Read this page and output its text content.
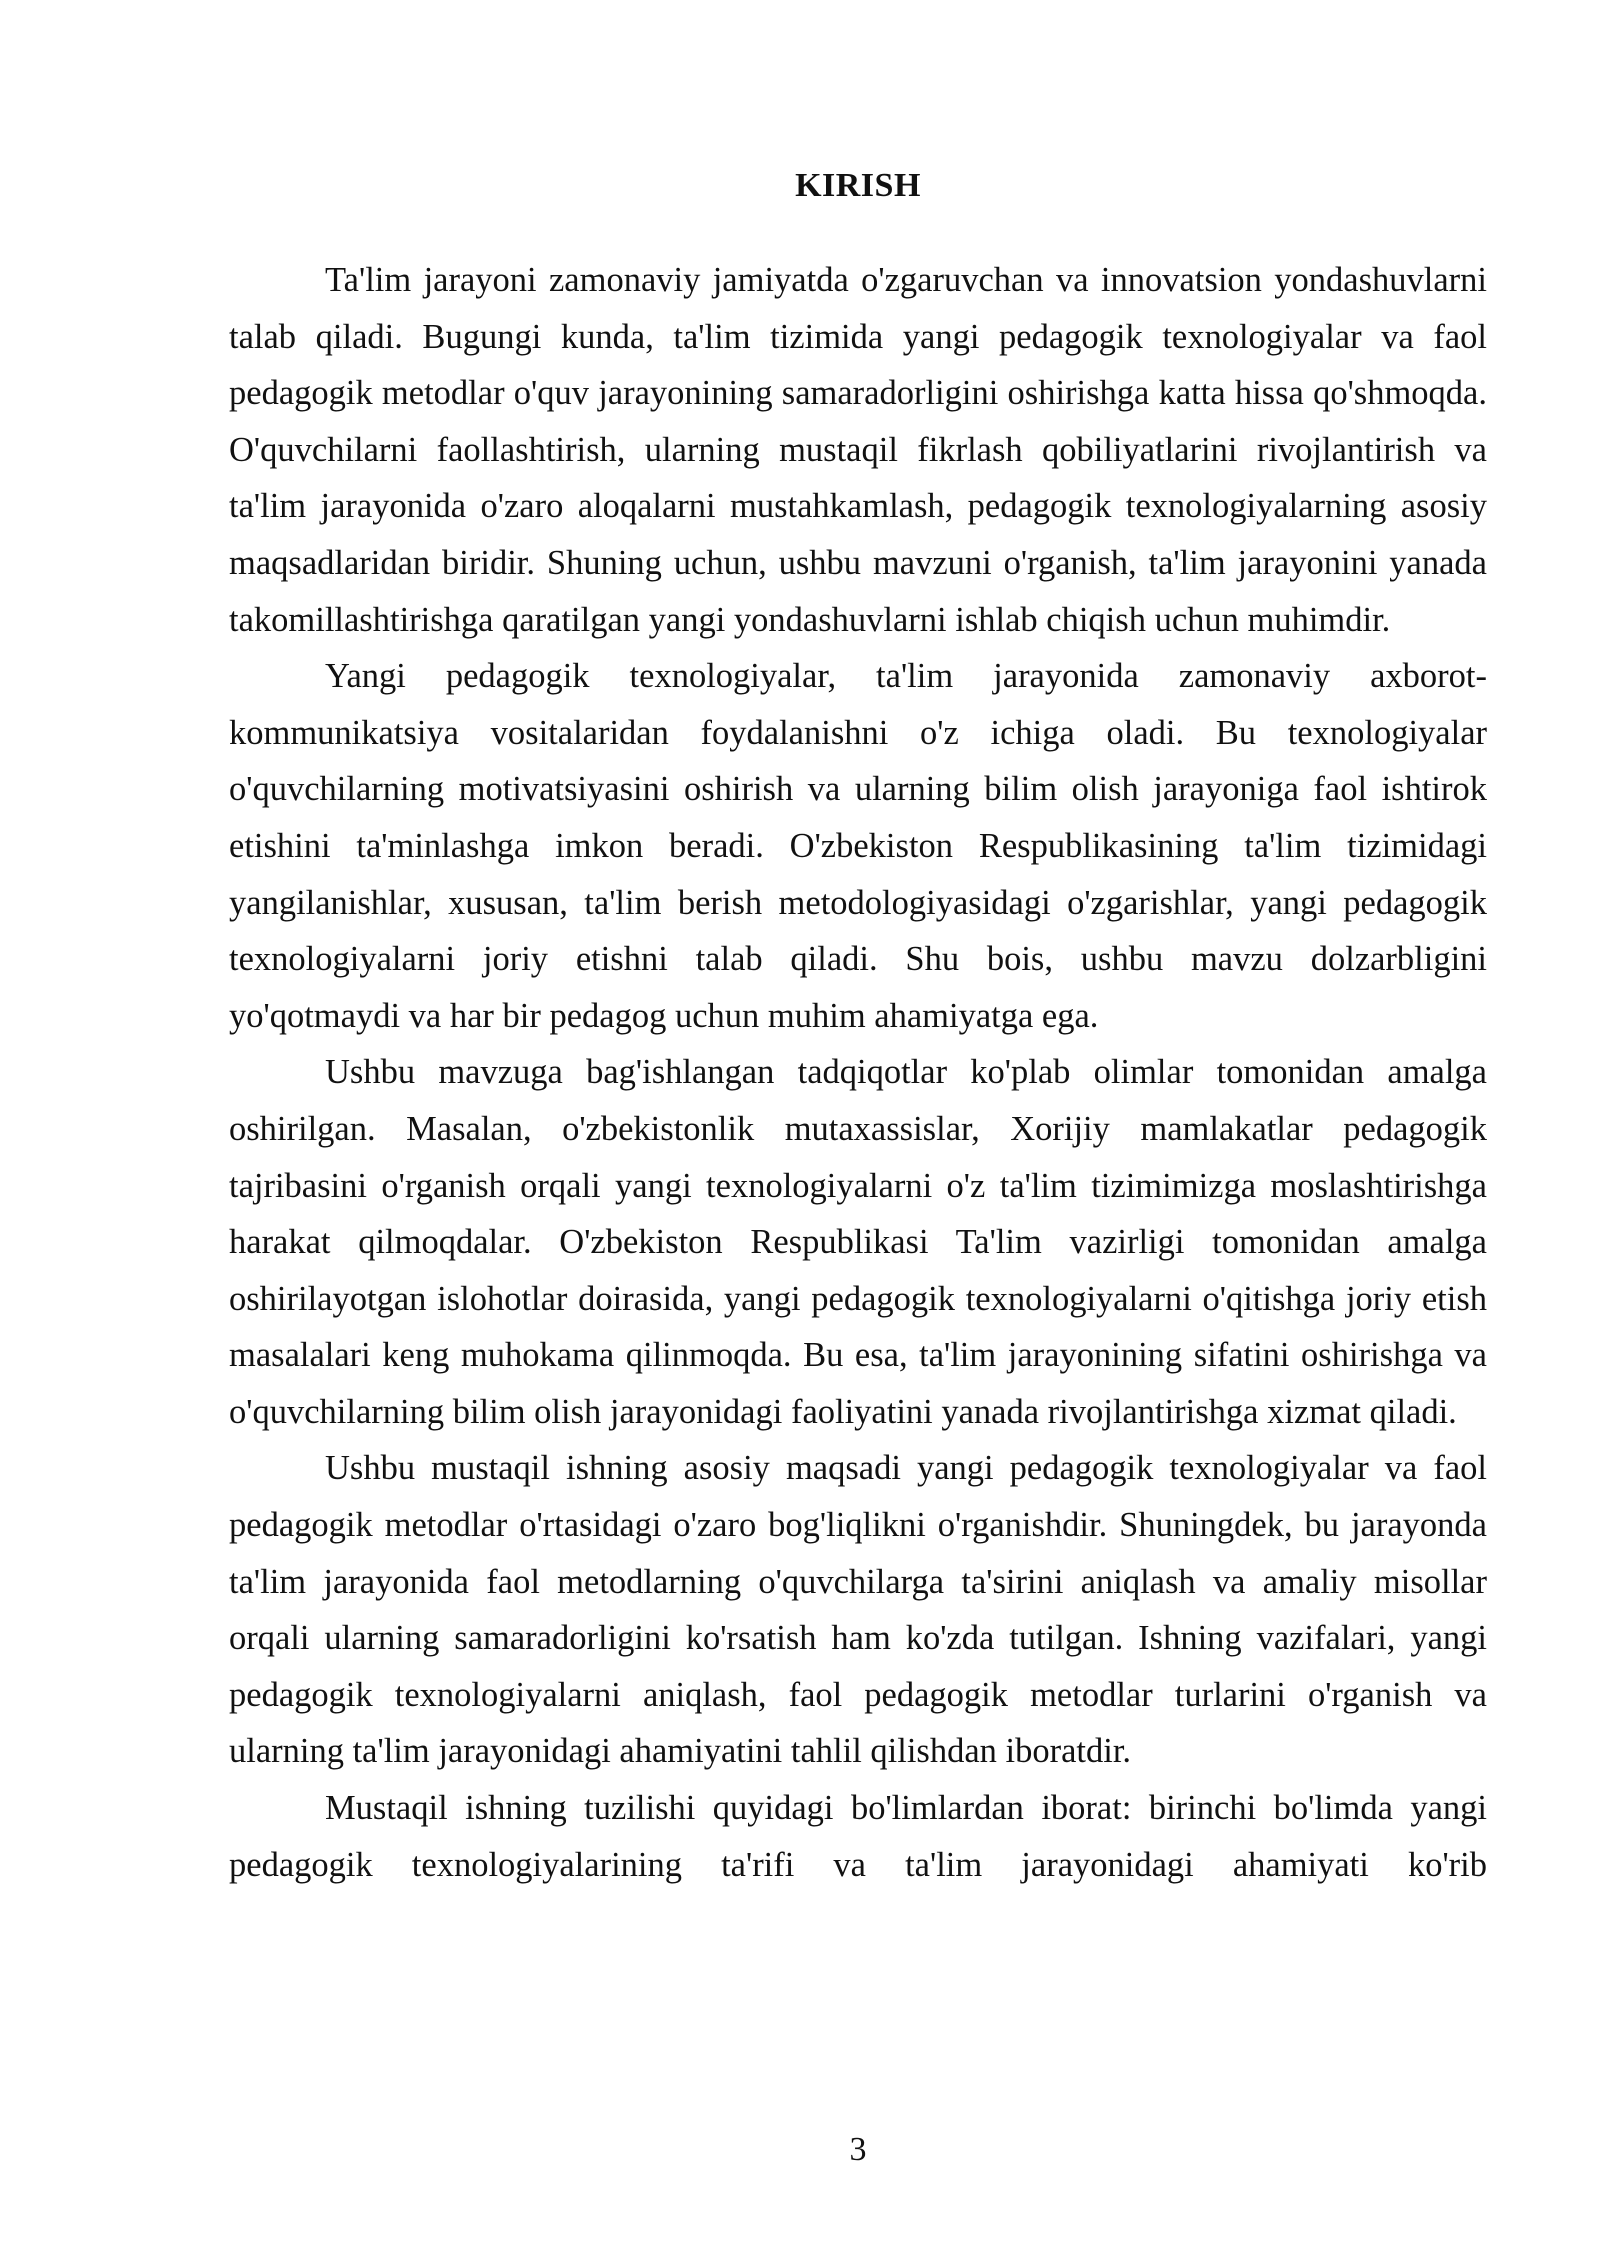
KIRISH

Ta'lim jarayoni zamonaviy jamiyatda o'zgaruvchan va innovatsion yondashuvlarni talab qiladi. Bugungi kunda, ta'lim tizimida yangi pedagogik texnologiyalar va faol pedagogik metodlar o'quv jarayonining samaradorligini oshirishga katta hissa qo'shmoqda. O'quvchilarni faollashtirish, ularning mustaqil fikrlash qobiliyatlarini rivojlantirish va ta'lim jarayonida o'zaro aloqalarni mustahkamlash, pedagogik texnologiyalarning asosiy maqsadlaridan biridir. Shuning uchun, ushbu mavzuni o'rganish, ta'lim jarayonini yanada takomillashtirishga qaratilgan yangi yondashuvlarni ishlab chiqish uchun muhimdir.

Yangi pedagogik texnologiyalar, ta'lim jarayonida zamonaviy axborot-kommunikatsiya vositalaridan foydalanishni o'z ichiga oladi. Bu texnologiyalar o'quvchilarning motivatsiyasini oshirish va ularning bilim olish jarayoniga faol ishtirok etishini ta'minlashga imkon beradi. O'zbekiston Respublikasining ta'lim tizimidagi yangilanishlar, xususan, ta'lim berish metodologiyasidagi o'zgarishlar, yangi pedagogik texnologiyalarni joriy etishni talab qiladi. Shu bois, ushbu mavzu dolzarbligini yo'qotmaydi va har bir pedagog uchun muhim ahamiyatga ega.

Ushbu mavzuga bag'ishlangan tadqiqotlar ko'plab olimlar tomonidan amalga oshirilgan. Masalan, o'zbekistonlik mutaxassislar, Xorijiy mamlakatlar pedagogik tajribasini o'rganish orqali yangi texnologiyalarni o'z ta'lim tizimimizga moslashtirishga harakat qilmoqdalar. O'zbekiston Respublikasi Ta'lim vazirligi tomonidan amalga oshirilayotgan islohotlar doirasida, yangi pedagogik texnologiyalarni o'qitishga joriy etish masalalari keng muhokama qilinmoqda. Bu esa, ta'lim jarayonining sifatini oshirishga va o'quvchilarning bilim olish jarayonidagi faoliyatini yanada rivojlantirishga xizmat qiladi.

Ushbu mustaqil ishning asosiy maqsadi yangi pedagogik texnologiyalar va faol pedagogik metodlar o'rtasidagi o'zaro bog'liqlikni o'rganishdir. Shuningdek, bu jarayonda ta'lim jarayonida faol metodlarning o'quvchilarga ta'sirini aniqlash va amaliy misollar orqali ularning samaradorligini ko'rsatish ham ko'zda tutilgan. Ishning vazifalari, yangi pedagogik texnologiyalarni aniqlash, faol pedagogik metodlar turlarini o'rganish va ularning ta'lim jarayonidagi ahamiyatini tahlil qilishdan iboratdir.

Mustaqil ishning tuzilishi quyidagi bo'limlardan iborat: birinchi bo'limda yangi pedagogik texnologiyalarining ta'rifi va ta'lim jarayonidagi ahamiyati ko'rib

3
